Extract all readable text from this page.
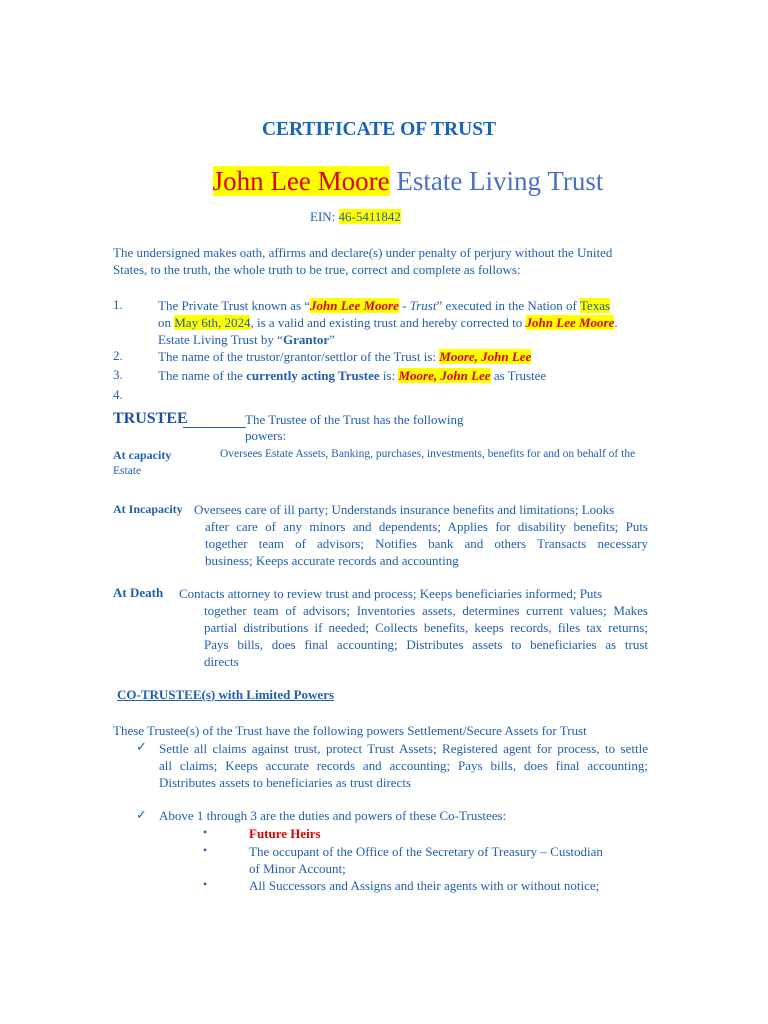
CERTIFICATE OF TRUST
John Lee Moore Estate Living Trust
EIN: 46-5411842
The undersigned makes oath, affirms and declare(s) under penalty of perjury without the United States, to the truth, the whole truth to be true, correct and complete as follows:
1.	The Private Trust known as “John Lee Moore - Trust” executed in the Nation of Texas
on May 6th, 2024, is a valid and existing trust and hereby corrected to John Lee Moore.
Estate Living Trust by “Grantor”
2.	The name of the trustor/grantor/settlor of the Trust is: Moore, John Lee
3.	The name of the currently acting Trustee is: Moore, John Lee as Trustee
4.
TRUSTEE	The Trustee of the Trust has the following powers:
At capacity	Oversees Estate Assets, Banking, purchases, investments, benefits for and on behalf of the
Estate
At Incapacity Oversees care of ill party; Understands insurance benefits and limitations; Looks
after care of any minors and dependents; Applies for disability benefits; Puts
together team of advisors; Notifies bank and others Transacts necessary
business; Keeps accurate records and accounting
At Death Contacts attorney to review trust and process; Keeps beneficiaries informed; Puts
together team of advisors; Inventories assets, determines current values; Makes
partial distributions if needed; Collects benefits, keeps records, files tax returns;
Pays bills, does final accounting; Distributes assets to beneficiaries as trust
directs
CO-TRUSTEE(s) with Limited Powers
These Trustee(s) of the Trust have the following powers Settlement/Secure Assets for Trust
✓ Settle all claims against trust, protect Trust Assets; Registered agent for process, to settle
all claims; Keeps accurate records and accounting; Pays bills, does final accounting;
Distributes assets to beneficiaries as trust directs
✓ Above 1 through 3 are the duties and powers of these Co-Trustees:
•	Future Heirs
•	The occupant of the Office of the Secretary of Treasury – Custodian
of Minor Account;
•	All Successors and Assigns and their agents with or without notice;
